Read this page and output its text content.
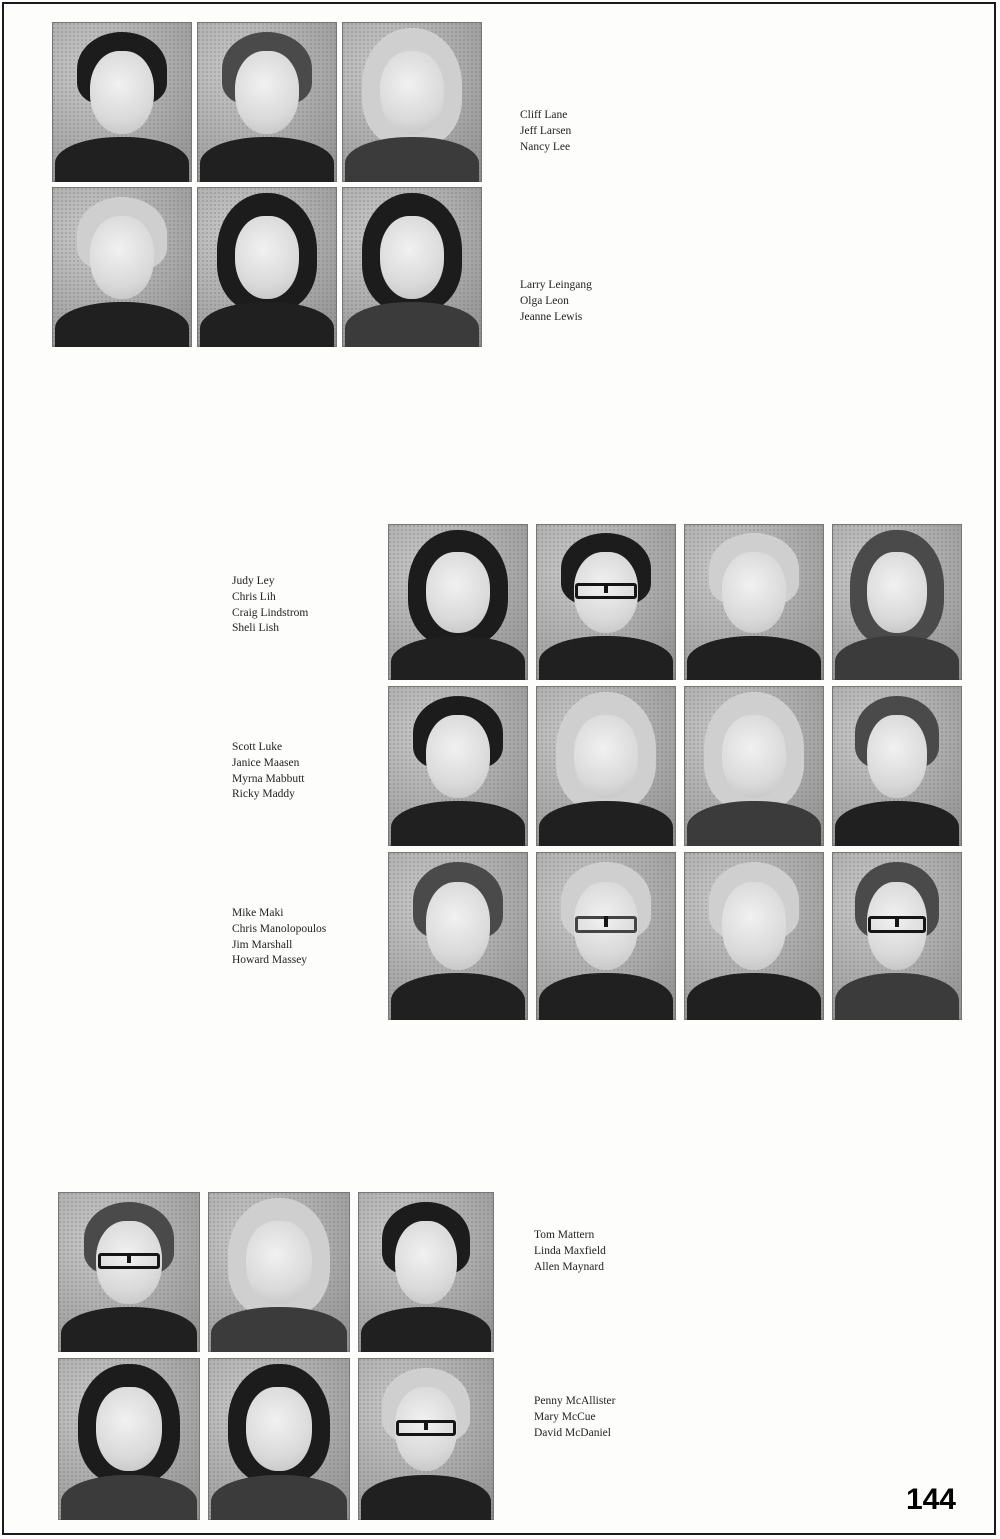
Cliff Lane
Jeff Larsen
Nancy Lee
Larry Leingang
Olga Leon
Jeanne Lewis
Judy Ley
Chris Lih
Craig Lindstrom
Sheli Lish
Scott Luke
Janice Maasen
Myrna Mabbutt
Ricky Maddy
Mike Maki
Chris Manolopoulos
Jim Marshall
Howard Massey
Tom Mattern
Linda Maxfield
Allen Maynard
Penny McAllister
Mary McCue
David McDaniel
144
